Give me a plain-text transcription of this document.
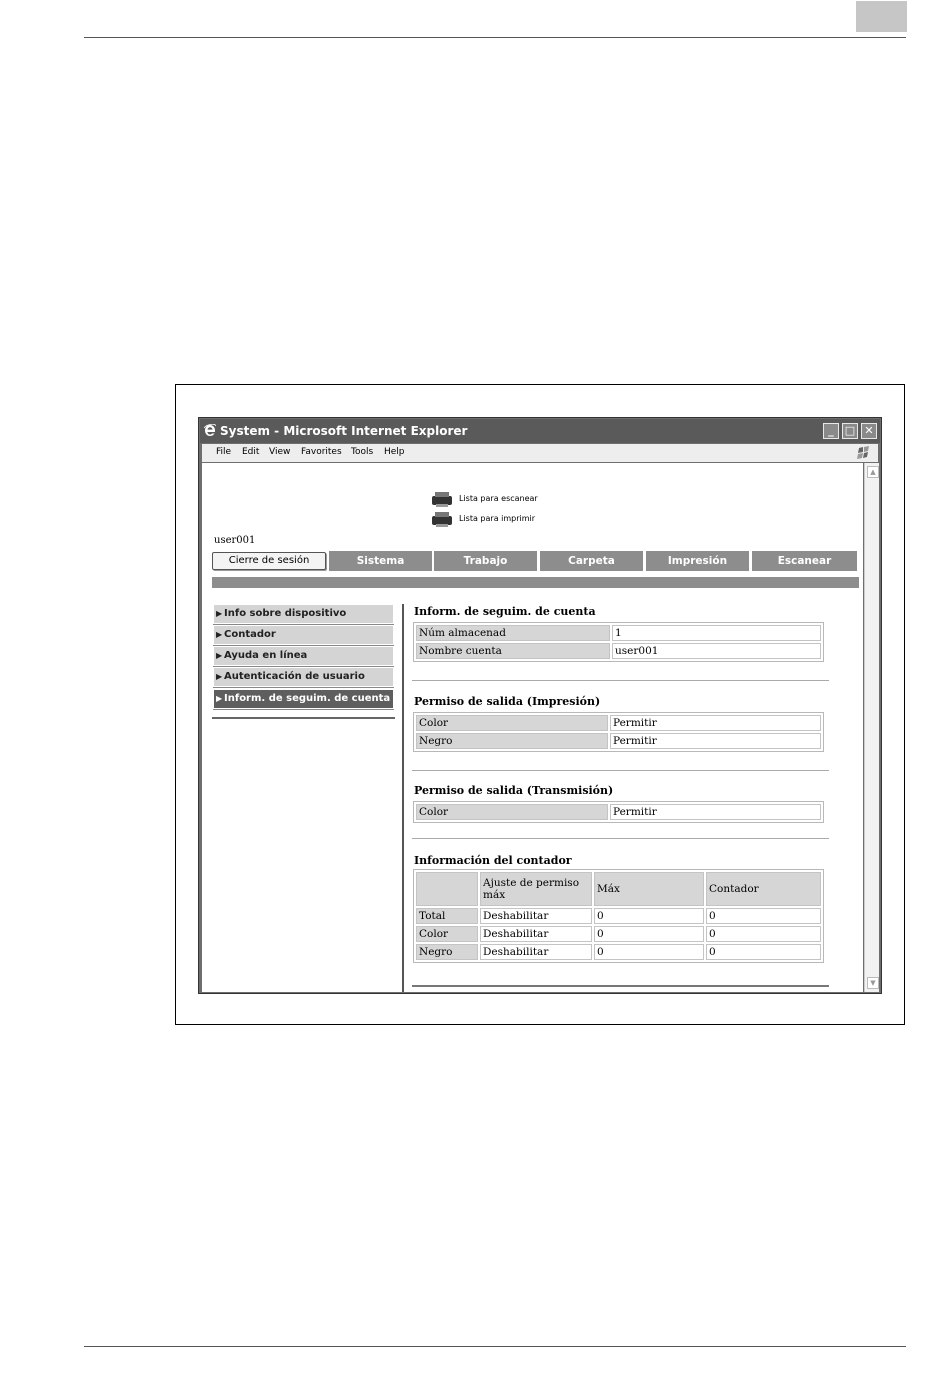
System - Microsoft Internet Explorer	_	□ ✕
File Edit View Favorites Tools Help
Lista para escanear
Lista para imprimir
user001
Cierre de sesión	Sistema	Trabajo	Carpeta	Impresión	Escanear
▶ Info sobre dispositivo
▶ Contador
▶ Ayuda en línea
▶ Autenticación de usuario
▶ Inform. de seguim. de cuenta
Inform. de seguim. de cuenta
Núm almacenad	1
Nombre cuenta	user001
Permiso de salida (Impresión)
Color	Permitir
Negro	Permitir
Permiso de salida (Transmisión)
Color	Permitir
Información del contador
	Ajuste de permiso máx	Máx	Contador
Total	Deshabilitar	0	0
Color	Deshabilitar	0	0
Negro	Deshabilitar	0	0
▲
▼
